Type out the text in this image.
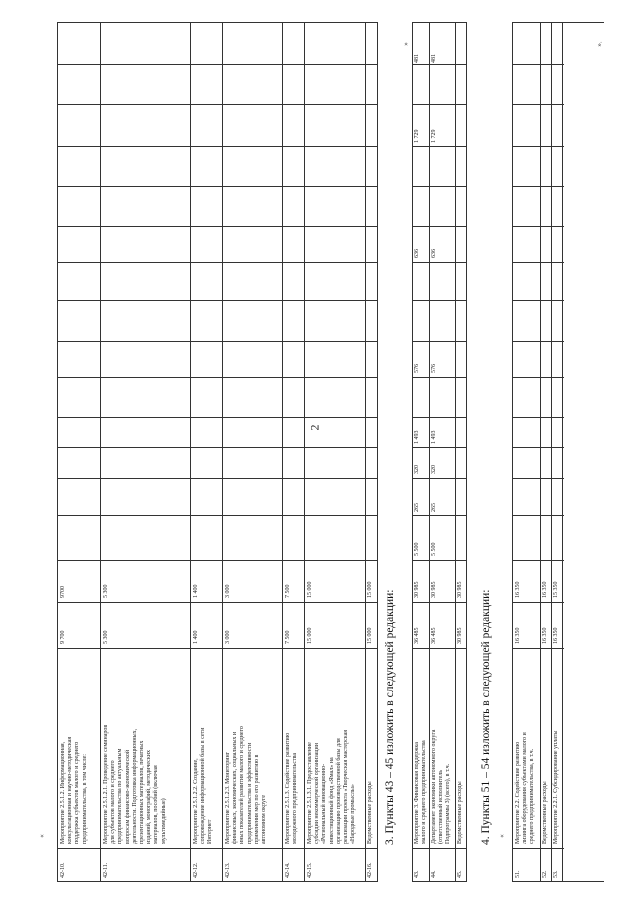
2
«
»
«
».
42-10.
Мероприятие 2.5.1.2. Информационная,
консультационная и научно-методическая
поддержка субъектов малого и среднего
предпринимательства, в том числе:
9 700
9700
42-11.
Мероприятие 2.5.1.2.1. Проведение семинаров
для субъектов малого и среднего
предпринимательства по актуальным
вопросам финансово-экономической
деятельности. Подготовка информационных,
презентационных материалов, печатных
изданий, монографий, методических
материалов, пособий (включая
мультимедийные)
5 300
5 300
42-12.
Мероприятие 2.5.1.2.2. Создание,
сопровождение информационной базы в сети
Интернет
1 400
1 400
42-13.
Мероприятие 2.5.1.2.3. Мониторинг
финансовых, экономических, социальных и
иных показателей развития малого и среднего
предпринимательства и эффективности
применения мер по его развитию в
автономном округе
3 000
3 000
42-14.
Мероприятие 2.5.1.3. Содействие развитию
молодежного предпринимательства
7 500
7 500
42-15.
Мероприятие 2.5.1.3.1. Предоставление
субсидии некоммерческой организации
«Региональный инновационно-
инвестиционный фонд «Ямал» на
организацию производственной базы для
реализации проекта «Творческая мастерская
«Народные промыслы»
15 000
15 000
42-16.
Ведомственные расходы
15 000
15 000 3. Пункты 43 – 45 изложить в следующей редакции:
43.
Мероприятие 3. Финансовая поддержка
малого и среднего предпринимательства
36 485
30 985
5 500
265
320
1 493
576
636
1 729
481
44.
Департамент экономики автономного округа
(ответственный исполнитель
Подпрограммы 3) (всего), в т.ч.
36 485
30 985
5 500
265
320
1 493
576
636
1 729
481
45.
Ведомственные расходы
30 985
30 985 4. Пункты 51 – 54 изложить в следующей редакции:
51.
Мероприятие 2.2. Содействие развитию
лизинга оборудования субъектами малого и
среднего предпринимательства, в т.ч.
16 350
16 350
52.
Ведомственные расходы
16 350
16 350
53.
Мероприятие 2.2.1. Субсидирование уплаты
16 350
15 350
